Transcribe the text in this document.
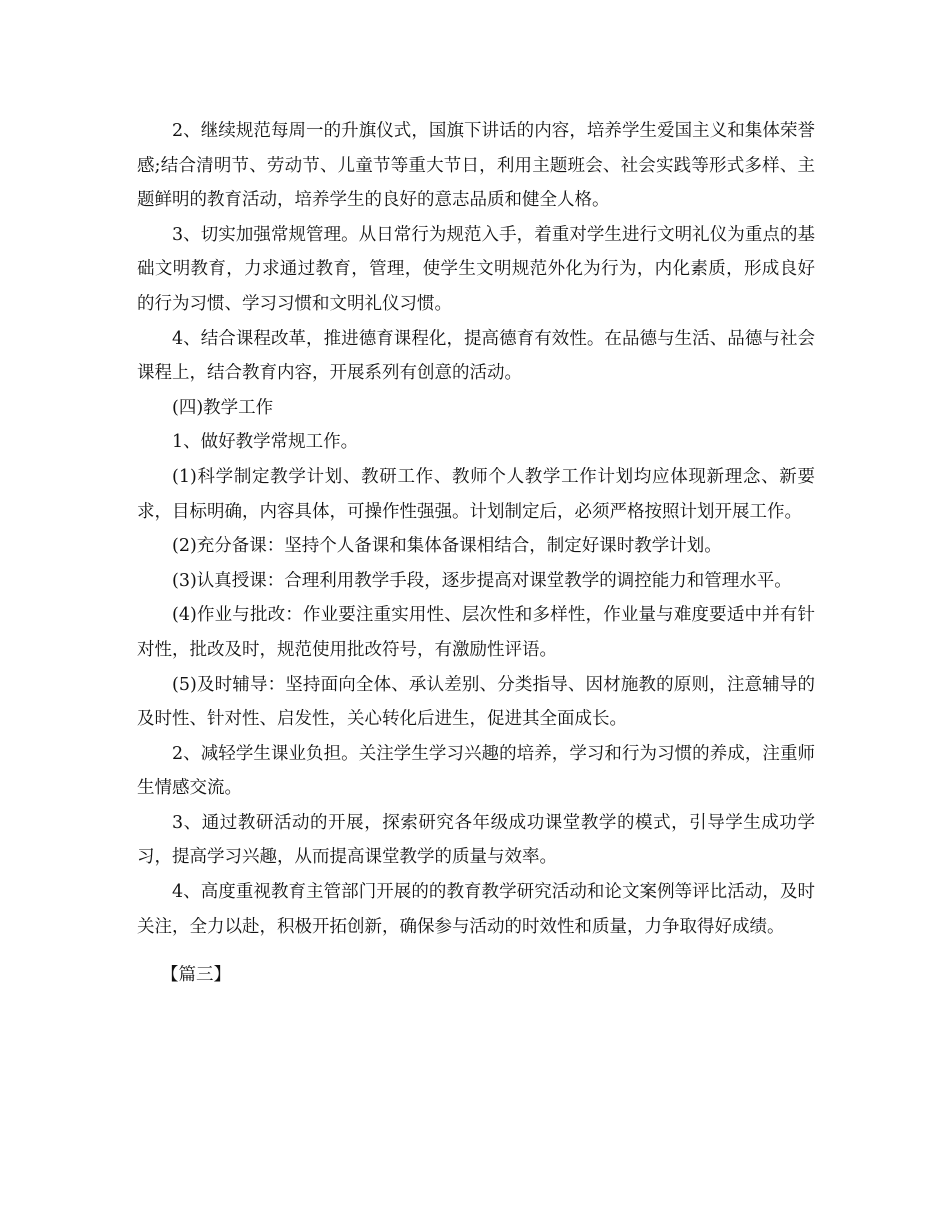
2、继续规范每周一的升旗仪式，国旗下讲话的内容，培养学生爱国主义和集体荣誉感;结合清明节、劳动节、儿童节等重大节日，利用主题班会、社会实践等形式多样、主题鲜明的教育活动，培养学生的良好的意志品质和健全人格。

3、切实加强常规管理。从日常行为规范入手，着重对学生进行文明礼仪为重点的基础文明教育，力求通过教育，管理，使学生文明规范外化为行为，内化素质，形成良好的行为习惯、学习习惯和文明礼仪习惯。

4、结合课程改革，推进德育课程化，提高德育有效性。在品德与生活、品德与社会课程上，结合教育内容，开展系列有创意的活动。

(四)教学工作

1、做好教学常规工作。

(1)科学制定教学计划、教研工作、教师个人教学工作计划均应体现新理念、新要求，目标明确，内容具体，可操作性强强。计划制定后，必须严格按照计划开展工作。

(2)充分备课：坚持个人备课和集体备课相结合，制定好课时教学计划。

(3)认真授课：合理利用教学手段，逐步提高对课堂教学的调控能力和管理水平。

(4)作业与批改：作业要注重实用性、层次性和多样性，作业量与难度要适中并有针对性，批改及时，规范使用批改符号，有激励性评语。

(5)及时辅导：坚持面向全体、承认差别、分类指导、因材施教的原则，注意辅导的及时性、针对性、启发性，关心转化后进生，促进其全面成长。

2、减轻学生课业负担。关注学生学习兴趣的培养，学习和行为习惯的养成，注重师生情感交流。

3、通过教研活动的开展，探索研究各年级成功课堂教学的模式，引导学生成功学习，提高学习兴趣，从而提高课堂教学的质量与效率。

4、高度重视教育主管部门开展的的教育教学研究活动和论文案例等评比活动，及时关注，全力以赴，积极开拓创新，确保参与活动的时效性和质量，力争取得好成绩。

【篇三】
